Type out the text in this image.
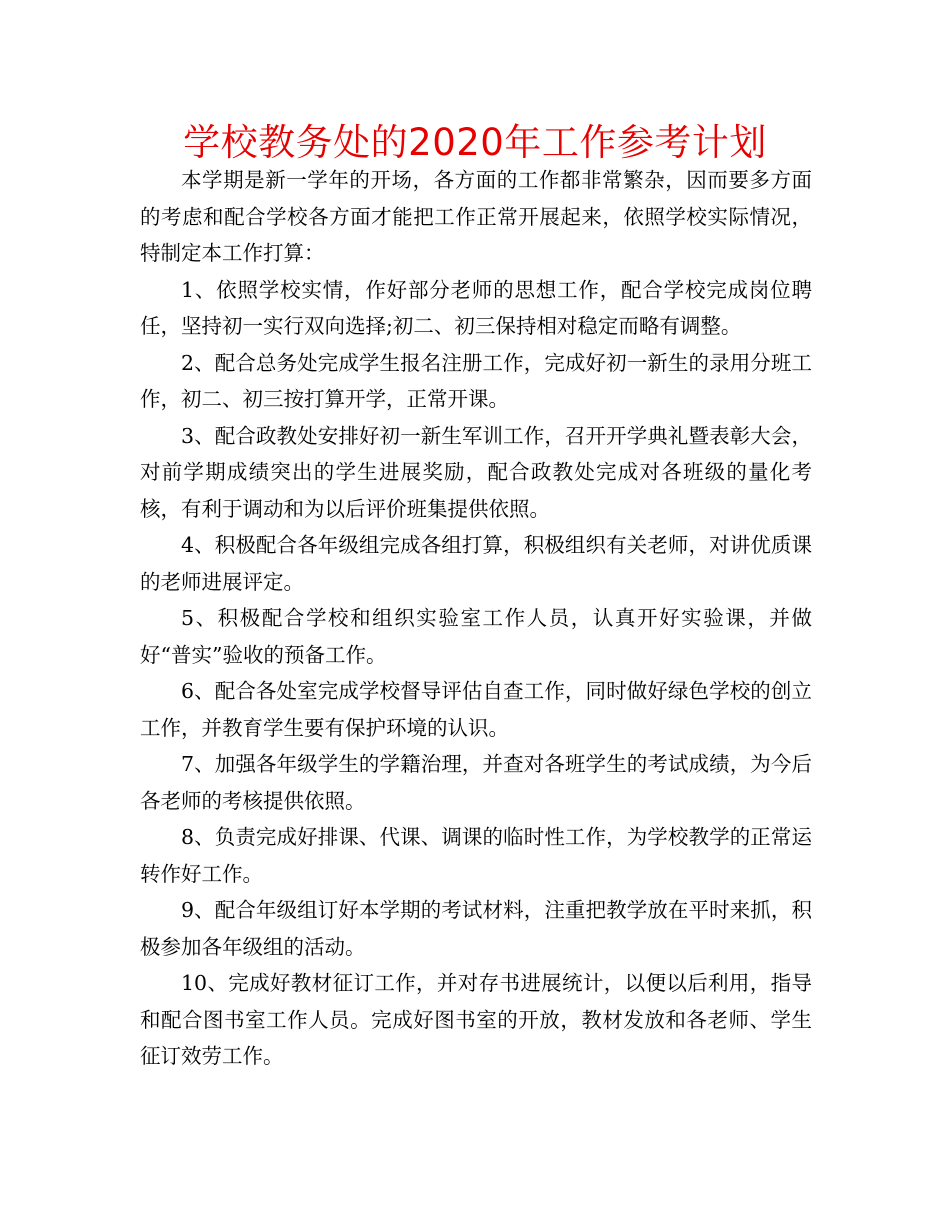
学校教务处的2020年工作参考计划

本学期是新一学年的开场，各方面的工作都非常繁杂，因而要多方面的考虑和配合学校各方面才能把工作正常开展起来，依照学校实际情况，特制定本工作打算：

1、依照学校实情，作好部分老师的思想工作，配合学校完成岗位聘任，坚持初一实行双向选择;初二、初三保持相对稳定而略有调整。

2、配合总务处完成学生报名注册工作，完成好初一新生的录用分班工作，初二、初三按打算开学，正常开课。

3、配合政教处安排好初一新生军训工作，召开开学典礼暨表彰大会，对前学期成绩突出的学生进展奖励，配合政教处完成对各班级的量化考核，有利于调动和为以后评价班集提供依照。

4、积极配合各年级组完成各组打算，积极组织有关老师，对讲优质课的老师进展评定。

5、积极配合学校和组织实验室工作人员，认真开好实验课，并做好“普实”验收的预备工作。

6、配合各处室完成学校督导评估自查工作，同时做好绿色学校的创立工作，并教育学生要有保护环境的认识。

7、加强各年级学生的学籍治理，并查对各班学生的考试成绩，为今后各老师的考核提供依照。

8、负责完成好排课、代课、调课的临时性工作，为学校教学的正常运转作好工作。

9、配合年级组订好本学期的考试材料，注重把教学放在平时来抓，积极参加各年级组的活动。

10、完成好教材征订工作，并对存书进展统计，以便以后利用，指导和配合图书室工作人员。完成好图书室的开放，教材发放和各老师、学生征订效劳工作。
